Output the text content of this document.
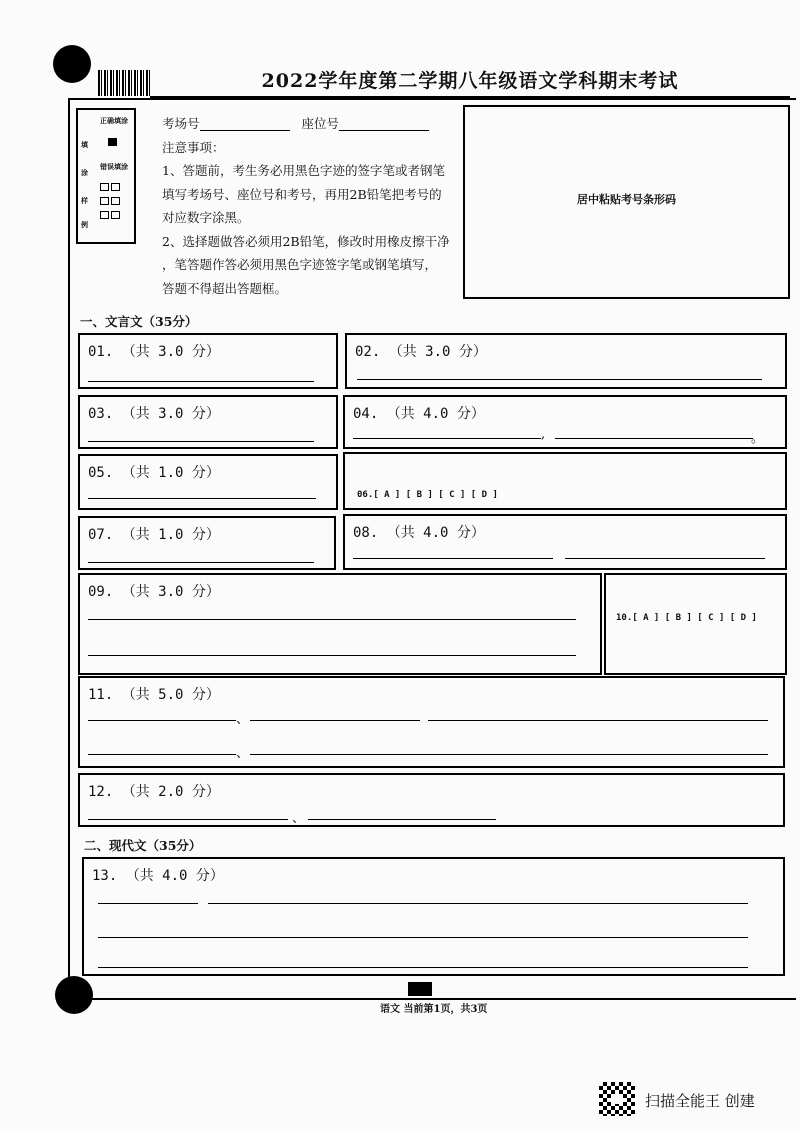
2022学年度第二学期八年级语文学科期末考试
填
涂
样
例
正确填涂
错误填涂

考场号	座位号
注意事项：
1、答题前，考生务必用黑色字迹的签字笔或者钢笔
填写考场号、座位号和考号，再用2B铅笔把考号的
对应数字涂黑。
2、选择题做答必须用2B铅笔，修改时用橡皮擦干净
，笔答题作答必须用黑色字迹签字笔或钢笔填写，
答题不得超出答题框。
居中粘贴考号条形码
一、文言文（35分）
01. （共 3.0 分）	02. （共 3.0 分）
03. （共 3.0 分）	04. （共 4.0 分）
,	。
05. （共 1.0 分）
06.[ A ] [ B ] [ C ] [ D ]
07. （共 1.0 分）	08. （共 4.0 分）
09. （共 3.0 分）
10.[ A ] [ B ] [ C ] [ D ]
11. （共 5.0 分）
、
、
12. （共 2.0 分）
、
二、现代文（35分）
13. （共 4.0 分）
语文 当前第1页，共3页
扫描全能王 创建
